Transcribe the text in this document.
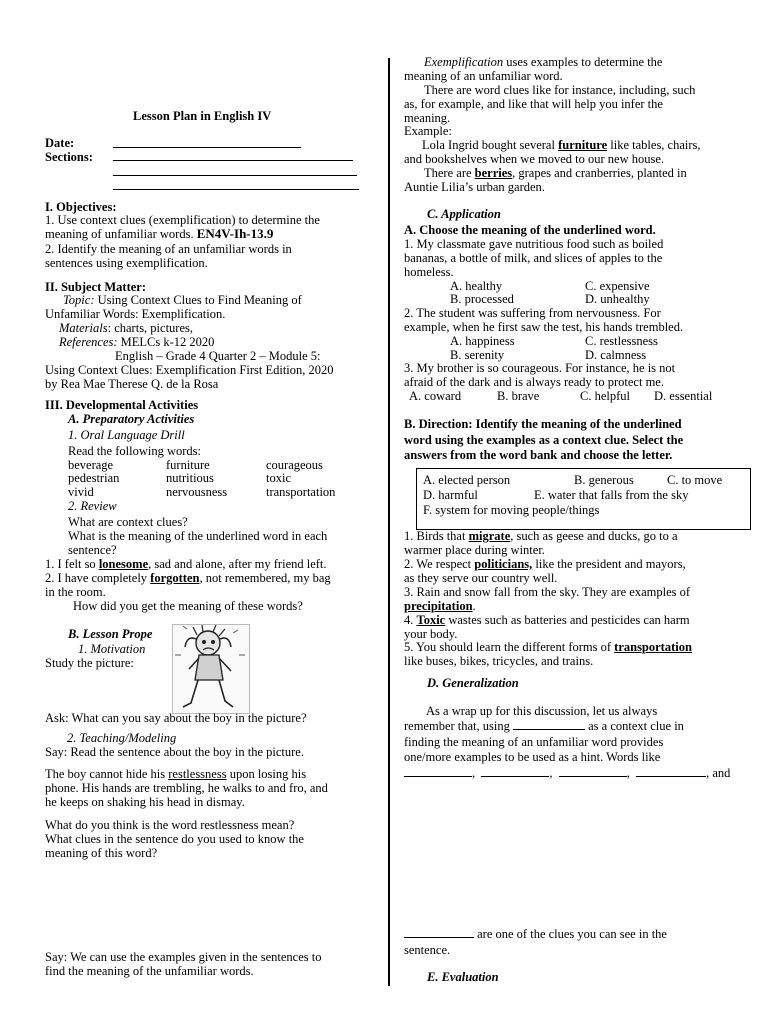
Lesson Plan in English IV
Date:
Sections:
I. Objectives:
1. Use context clues (exemplification) to determine the
meaning of unfamiliar words. EN4V-Ih-13.9
2. Identify the meaning of an unfamiliar words in
sentences using exemplification.
II. Subject Matter:
Topic: Using Context Clues to Find Meaning of
Unfamiliar Words: Exemplification.
Materials: charts, pictures,
References: MELCs k-12 2020
English – Grade 4 Quarter 2 – Module 5:
Using Context Clues: Exemplification First Edition, 2020
by Rea Mae Therese Q. de la Rosa
III. Developmental Activities
A. Preparatory Activities
1. Oral Language Drill
Read the following words:
beverage	furniture	courageous
pedestrian	nutritious	toxic
vivid	nervousness	transportation
2. Review
What are context clues?
What is the meaning of the underlined word in each
sentence?
1. I felt so lonesome, sad and alone, after my friend left.
2. I have completely forgotten, not remembered, my bag
in the room.
How did you get the meaning of these words?
B. Lesson Prope
1. Motivation
Study the picture:
Ask: What can you say about the boy in the picture?
2. Teaching/Modeling
Say: Read the sentence about the boy in the picture.
The boy cannot hide his restlessness upon losing his
phone. His hands are trembling, he walks to and fro, and
he keeps on shaking his head in dismay.
What do you think is the word restlessness mean?
What clues in the sentence do you used to know the
meaning of this word?
Say: We can use the examples given in the sentences to
find the meaning of the unfamiliar words.
Exemplification uses examples to determine the
meaning of an unfamiliar word.
There are word clues like for instance, including, such
as, for example, and like that will help you infer the
meaning.
Example:
Lola Ingrid bought several furniture like tables, chairs,
and bookshelves when we moved to our new house.
There are berries, grapes and cranberries, planted in
Auntie Lilia’s urban garden.
C. Application
A. Choose the meaning of the underlined word.
1. My classmate gave nutritious food such as boiled
bananas, a bottle of milk, and slices of apples to the
homeless.
A. healthy	C. expensive
B. processed	D. unhealthy
2. The student was suffering from nervousness. For
example, when he first saw the test, his hands trembled.
A. happiness	C. restlessness
B. serenity	D. calmness
3. My brother is so courageous. For instance, he is not
afraid of the dark and is always ready to protect me.
A. coward	B. brave	C. helpful D. essential
B. Direction: Identify the meaning of the underlined
word using the examples as a context clue. Select the
answers from the word bank and choose the letter.
A. elected person	B. generous	C. to move
D. harmful	E. water that falls from the sky
F. system for moving people/things
1. Birds that migrate, such as geese and ducks, go to a
warmer place during winter.
2. We respect politicians, like the president and mayors,
as they serve our country well.
3. Rain and snow fall from the sky. They are examples of
precipitation.
4. Toxic wastes such as batteries and pesticides can harm
your body.
5. You should learn the different forms of transportation
like buses, bikes, tricycles, and trains.
D. Generalization
As a wrap up for this discussion, let us always
remember that, using	as a context clue in
finding the meaning of an unfamiliar word provides
one/more examples to be used as a hint. Words like
,	,	,	, and
are one of the clues you can see in the
sentence.
E. Evaluation
